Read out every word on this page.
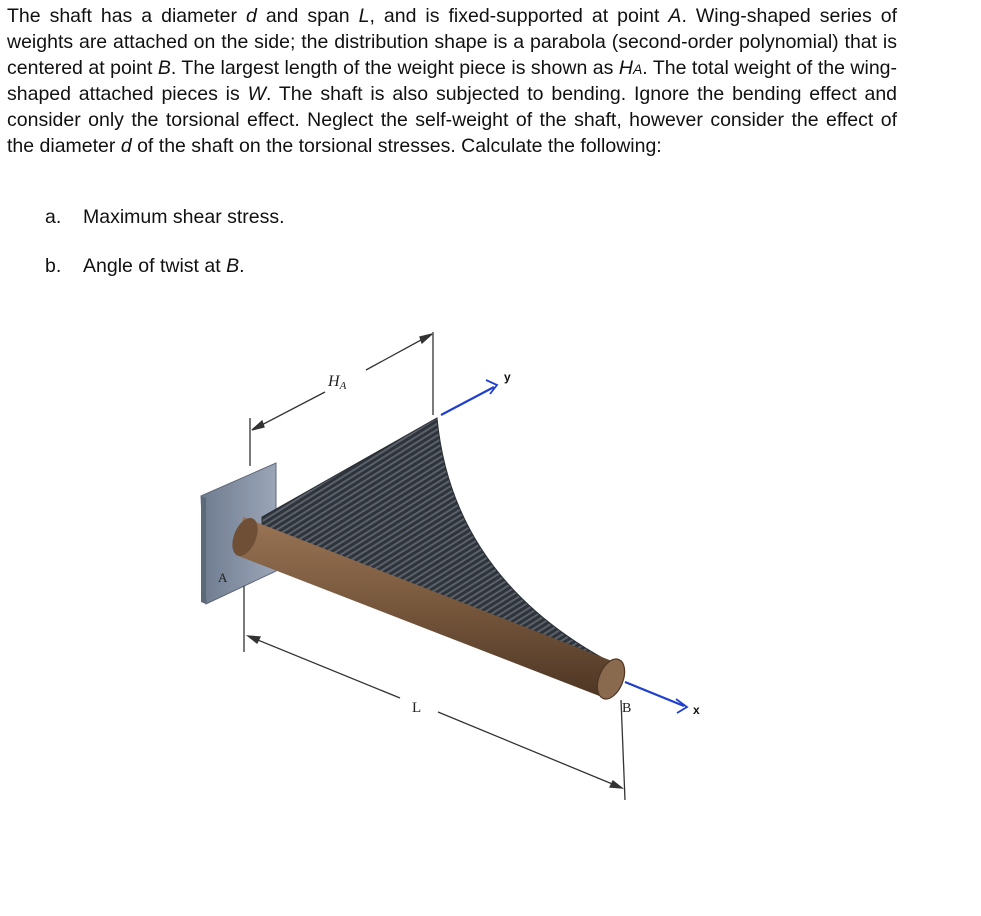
The shaft has a diameter d and span L, and is fixed-supported at point A. Wing-shaped series of weights are attached on the side; the distribution shape is a parabola (second-order polynomial) that is centered at point B. The largest length of the weight piece is shown as HA. The total weight of the wing-shaped attached pieces is W. The shaft is also subjected to bending. Ignore the bending effect and consider only the torsional effect. Neglect the self-weight of the shaft, however consider the effect of the diameter d of the shaft on the torsional stresses. Calculate the following:

a. Maximum shear stress.

b. Angle of twist at B.

HA
L
A
B
y
x
